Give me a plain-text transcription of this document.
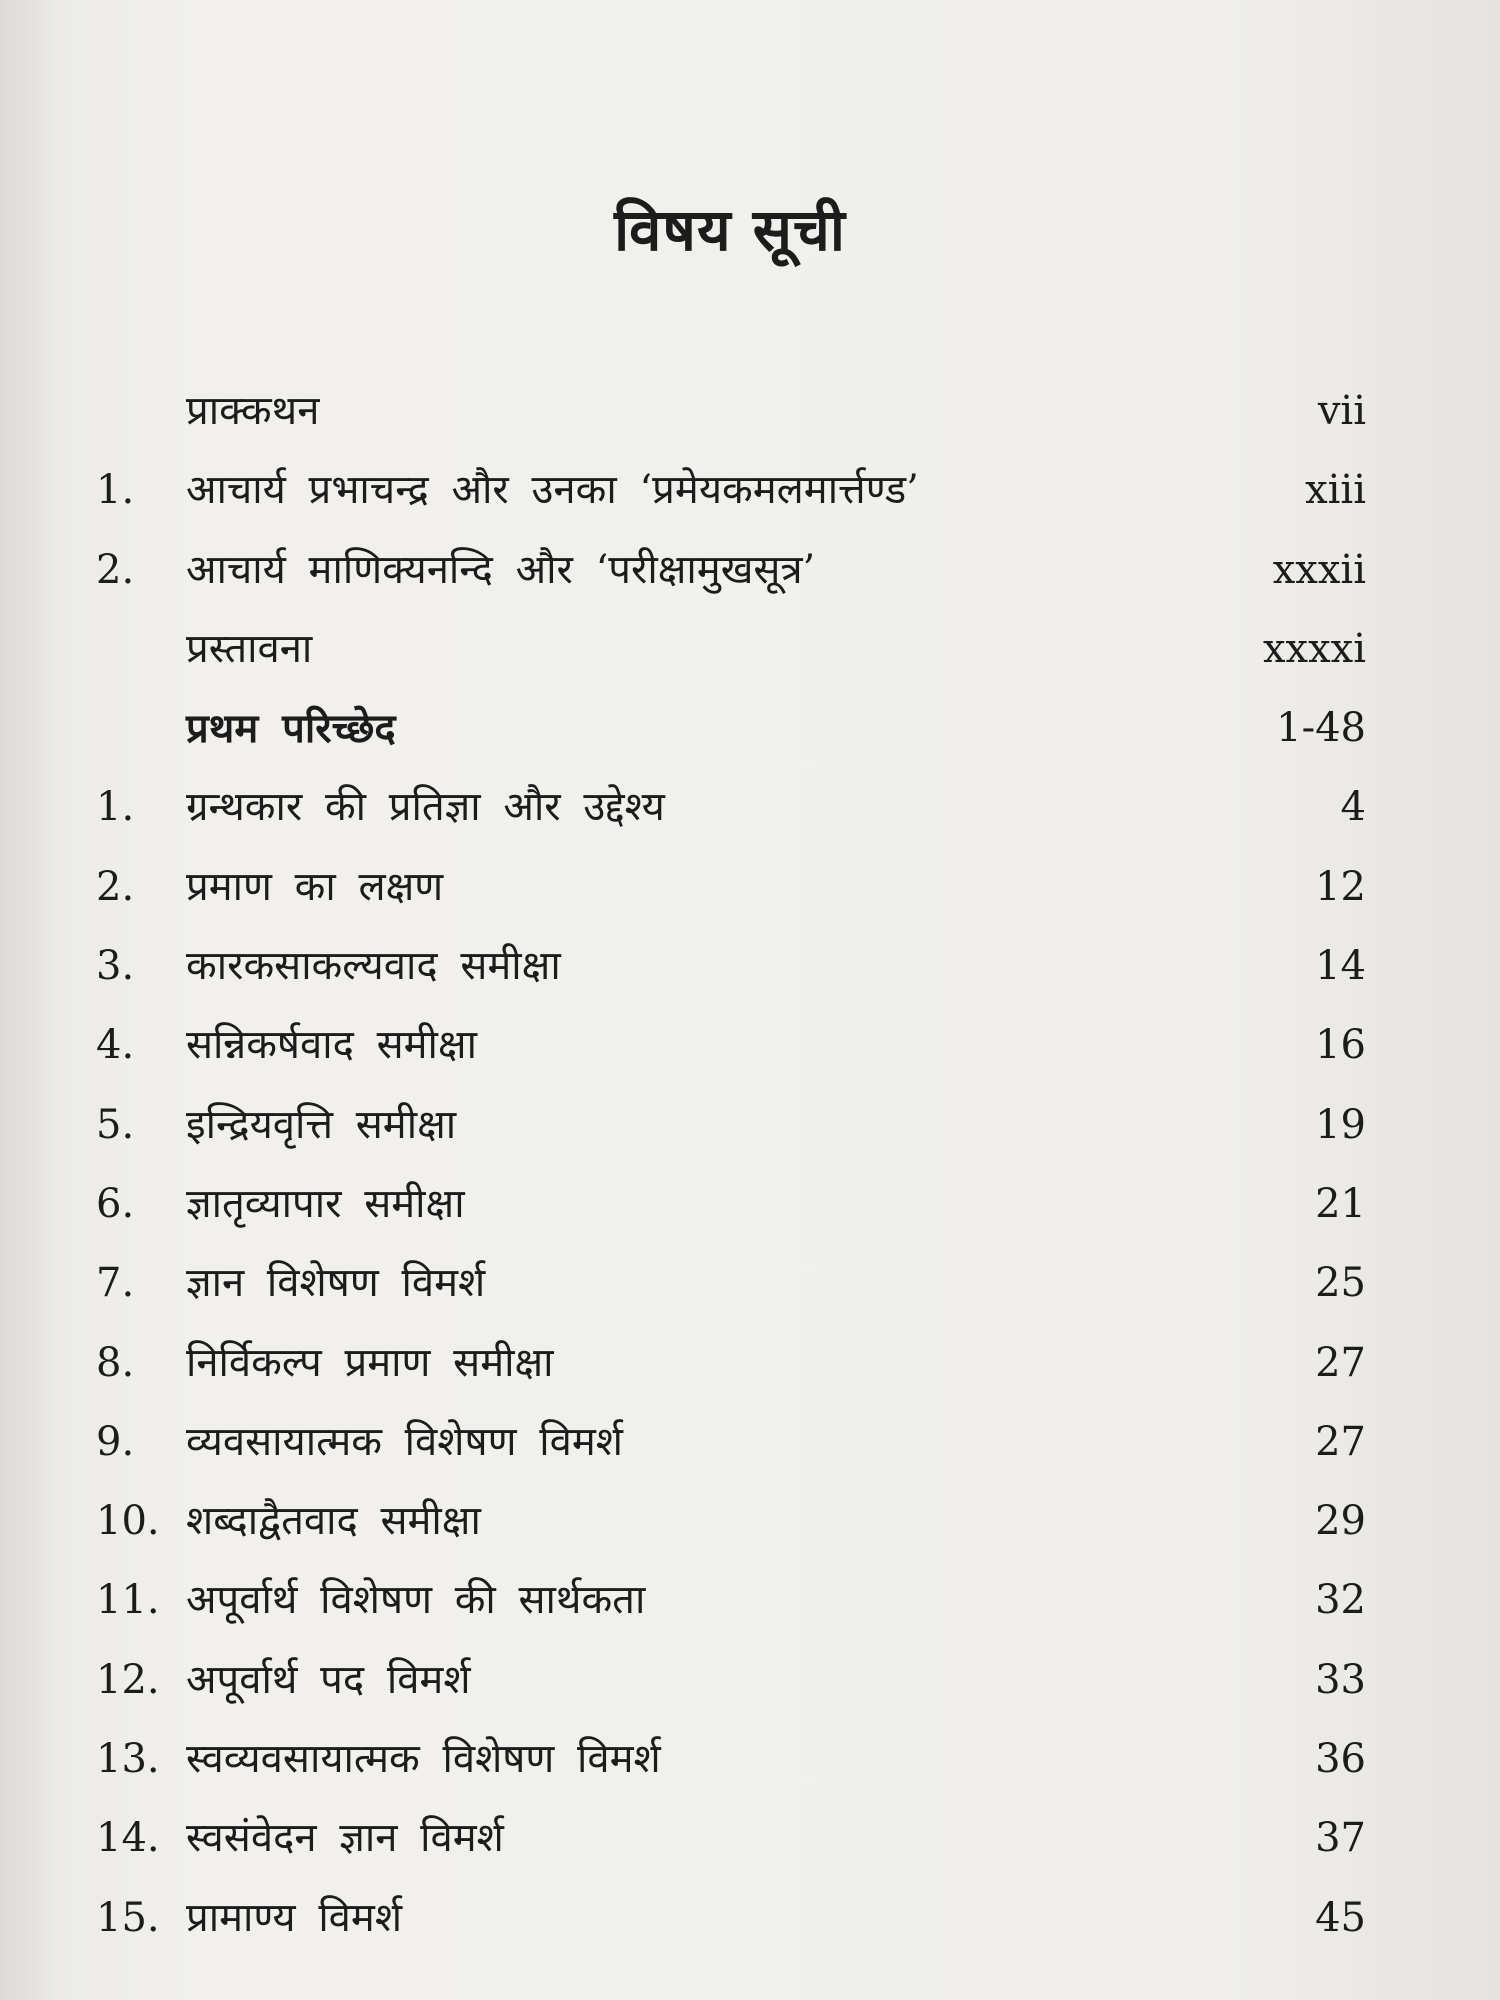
विषय सूची
प्राक्कथन	vii
1. आचार्य प्रभाचन्द्र और उनका ‘प्रमेयकमलमार्त्तण्ड’	xiii
2. आचार्य माणिक्यनन्दि और ‘परीक्षामुखसूत्र’	xxxii
प्रस्तावना	xxxxi
प्रथम परिच्छेद	1-48
1. ग्रन्थकार की प्रतिज्ञा और उद्देश्य	4
2. प्रमाण का लक्षण	12
3. कारकसाकल्यवाद समीक्षा	14
4. सन्निकर्षवाद समीक्षा	16
5. इन्द्रियवृत्ति समीक्षा	19
6. ज्ञातृव्यापार समीक्षा	21
7. ज्ञान विशेषण विमर्श	25
8. निर्विकल्प प्रमाण समीक्षा	27
9. व्यवसायात्मक विशेषण विमर्श	27
10. शब्दाद्वैतवाद समीक्षा	29
11. अपूर्वार्थ विशेषण की सार्थकता	32
12. अपूर्वार्थ पद विमर्श	33
13. स्वव्यवसायात्मक विशेषण विमर्श	36
14. स्वसंवेदन ज्ञान विमर्श	37
15. प्रामाण्य विमर्श	45
